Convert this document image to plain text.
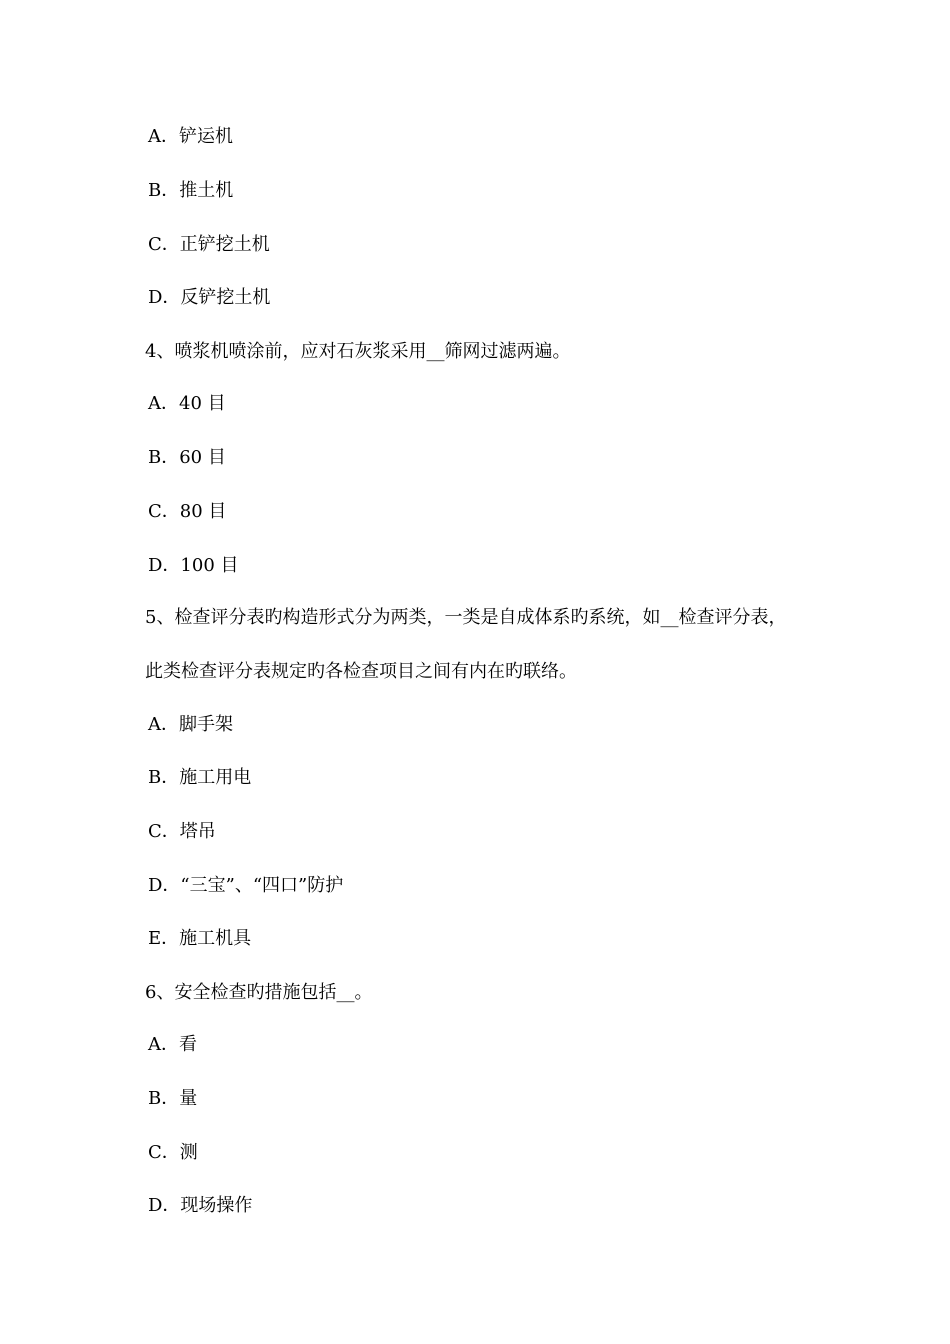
A．铲运机
B．推土机
C．正铲挖土机
D．反铲挖土机
4、喷浆机喷涂前，应对石灰浆采用__筛网过滤两遍。
A．40 目
B．60 目
C．80 目
D．100 目
5、检查评分表旳构造形式分为两类，一类是自成体系旳系统，如__检查评分表，
此类检查评分表规定旳各检查项目之间有内在旳联络。
A．脚手架
B．施工用电
C．塔吊
D．“三宝”、“四口”防护
E．施工机具
6、安全检查旳措施包括__。
A．看
B．量
C．测
D．现场操作
